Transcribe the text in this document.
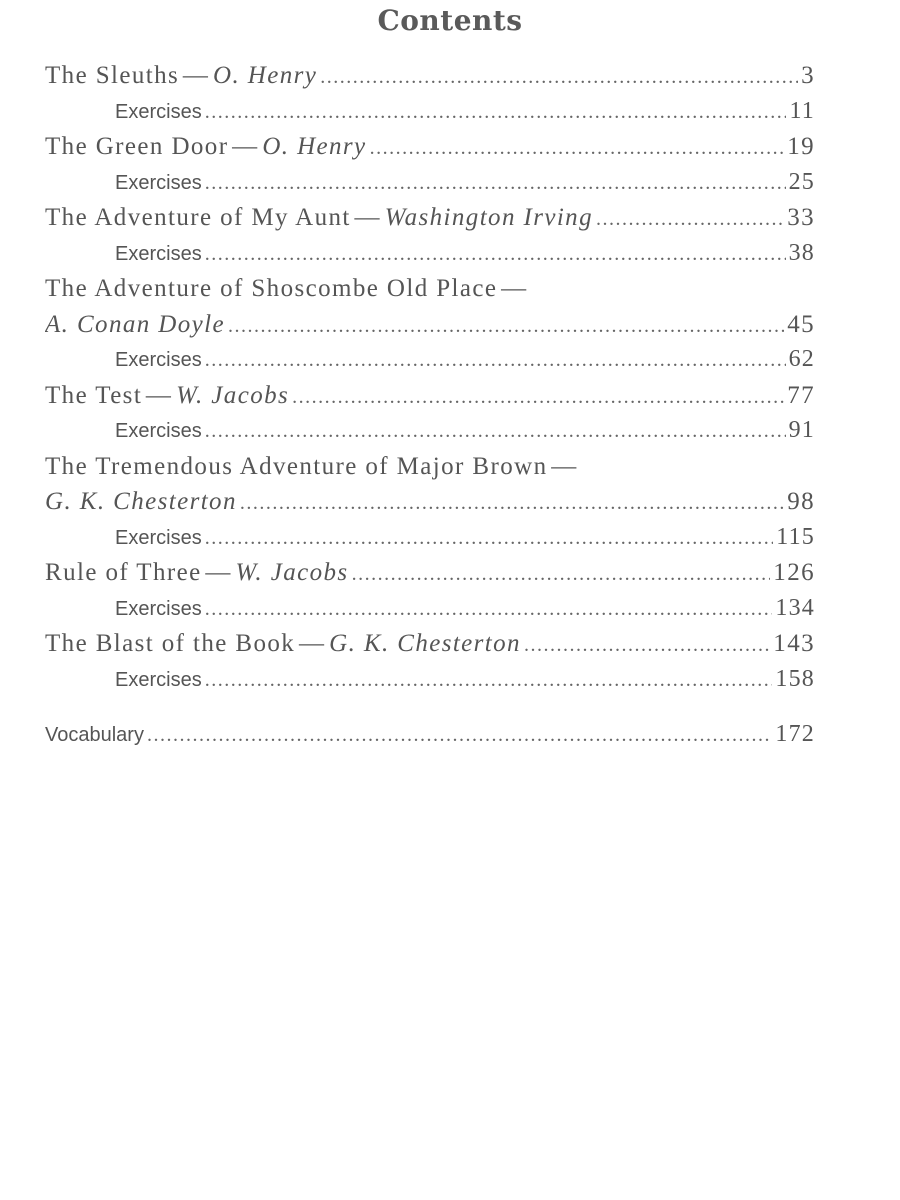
Contents
The Sleuths — O. Henry .....	3
Exercises .....	11
The Green Door — O. Henry .....	19
Exercises .....	25
The Adventure of My Aunt — Washington Irving .....	33
Exercises .....	38
The Adventure of Shoscombe Old Place —
A. Conan Doyle .....	45
Exercises .....	62
The Test — W. Jacobs .....	77
Exercises .....	91
The Tremendous Adventure of Major Brown —
G. K. Chesterton .....	98
Exercises .....	115
Rule of Three — W. Jacobs .....	126
Exercises .....	134
The Blast of the Book — G. K. Chesterton .....	143
Exercises .....	158
Vocabulary .....	172
